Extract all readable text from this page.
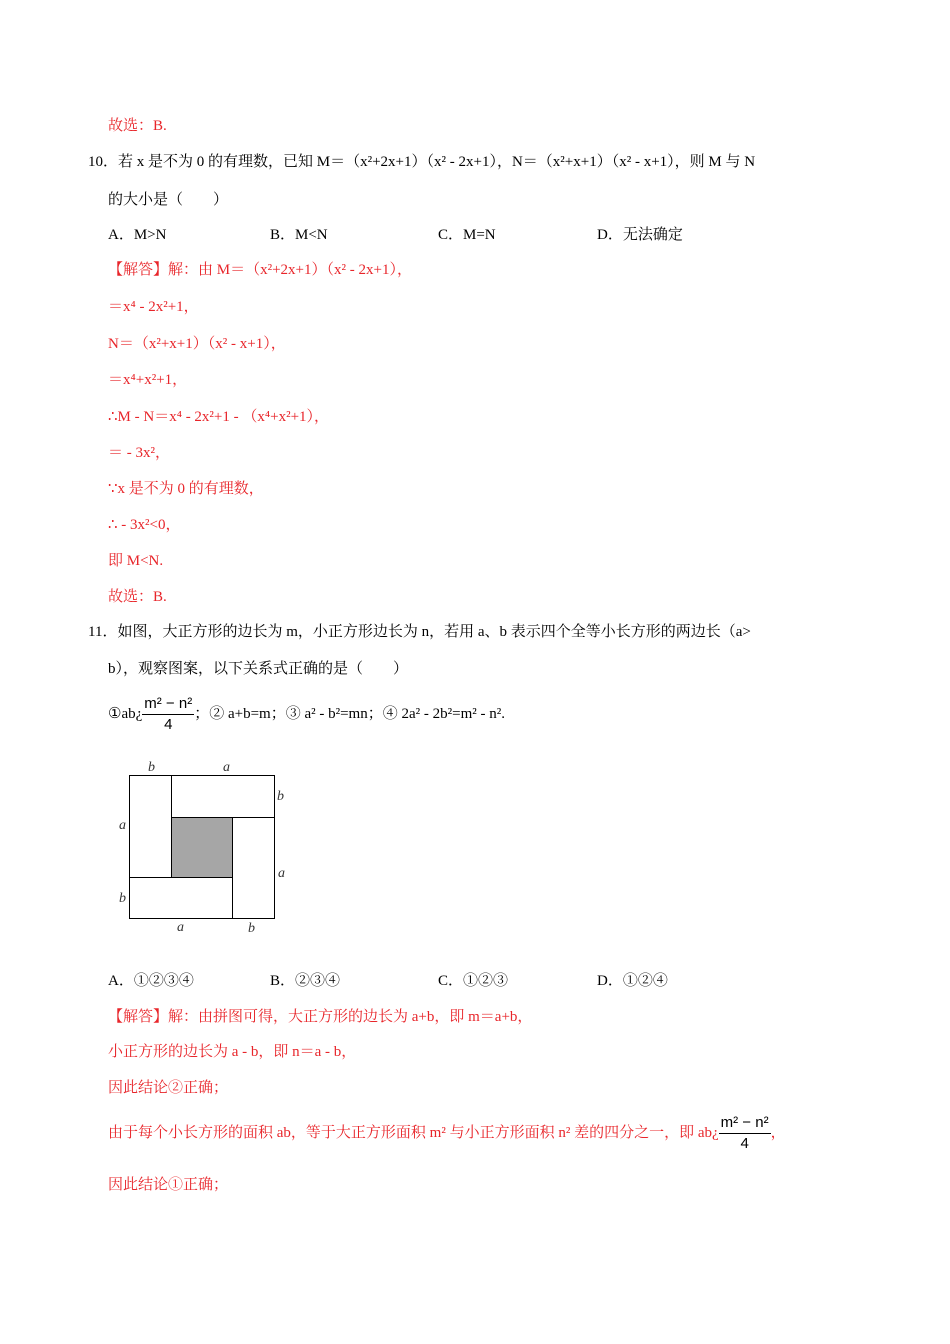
故选：B.
10．若 x 是不为 0 的有理数，已知 M＝（x²+2x+1）（x² - 2x+1），N＝（x²+x+1）（x² - x+1），则 M 与 N
的大小是（　　）
A．M>N	B．M<N	C．M=N	D．无法确定
【解答】解：由 M＝（x²+2x+1）（x² - 2x+1），
＝x⁴ - 2x²+1，
N＝（x²+x+1）（x² - x+1），
＝x⁴+x²+1，
∴M - N＝x⁴ - 2x²+1 - （x⁴+x²+1），
＝ - 3x²，
∵x 是不为 0 的有理数，
∴ - 3x²<0，
即 M<N.
故选：B.
11．如图，大正方形的边长为 m，小正方形边长为 n，若用 a、b 表示四个全等小长方形的两边长（a>
b），观察图案，以下关系式正确的是（　　）
①ab¿ $\frac{\text{m² − n²}}{4}$ ；② a+b=m；③ a² - b²=mn；④ 2a² - 2b²=m² - n².
b	a
b
a
a
b
a	b
A．①②③④	B．②③④	C．①②③	D．①②④
【解答】解：由拼图可得，大正方形的边长为 a+b，即 m＝a+b，
小正方形的边长为 a - b，即 n＝a - b，
因此结论②正确；
由于每个小长方形的面积 ab，等于大正方形面积 m² 与小正方形面积 n² 差的四分之一，即 ab¿ $\frac{\text{m² − n²}}{4}$ ，
因此结论①正确；
